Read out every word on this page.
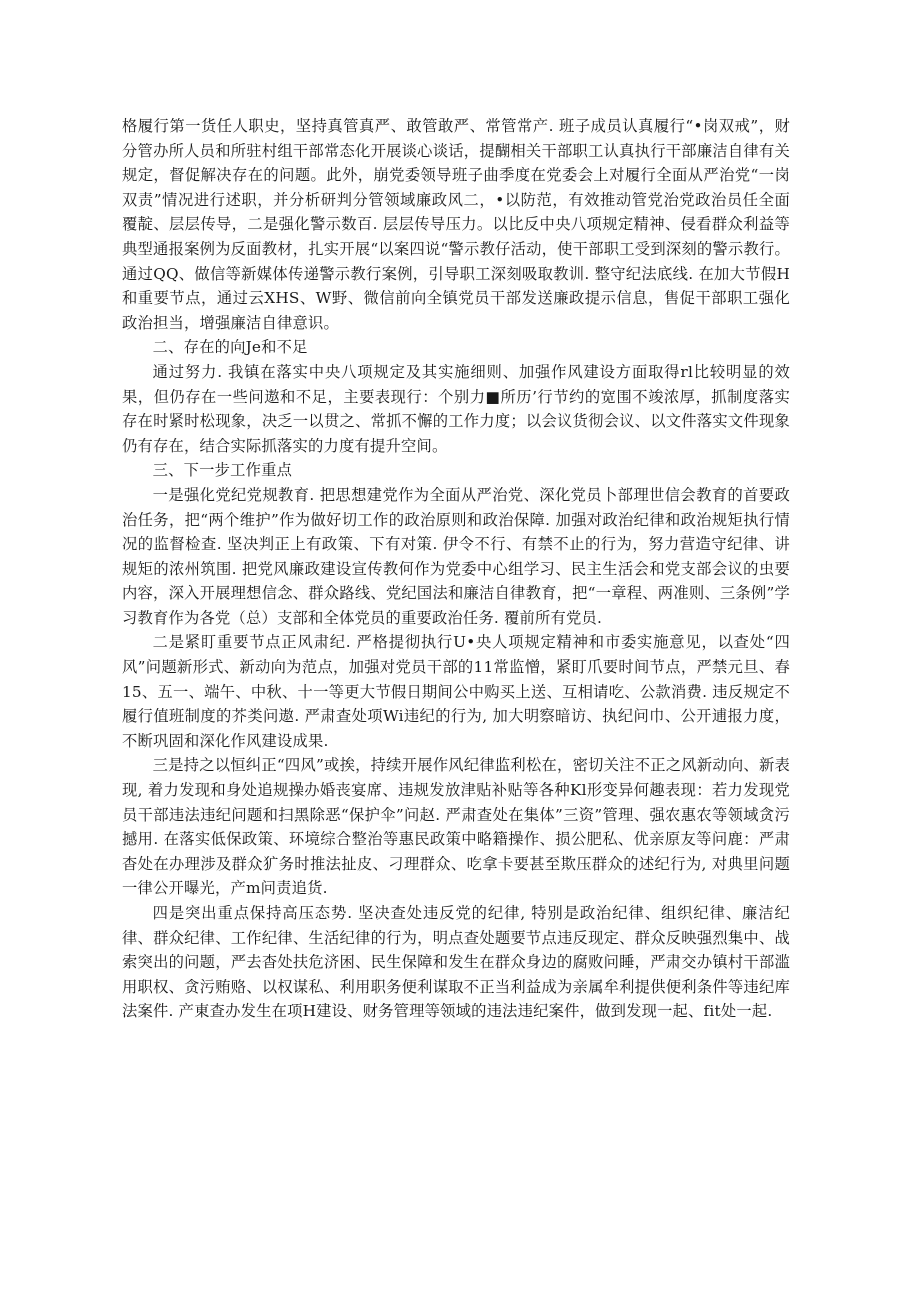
格履行第一货任人职史，坚持真管真严、敢管敢严、常管常产. 班子成员认真履行“•岗双戒”，财分管办所人员和所驻村组干部常态化开展谈心谈话，提醐相关干部职工认真执行干部廉洁自律有关规定，督促解决存在的问题。此外，崩党委领导班子曲季度在党委会上对履行全面从严治党“一岗双责”情况进行述职，并分析研判分管领域廉政风二，•以防范，有效推动管党治党政治员任全面覆靛、层层传导，二是强化警示数百. 层层传导压力。以比反中央八项规定精神、侵看群众利益等典型通报案例为反面教材，扎实开展“以案四说“警示教仔活动，使干部职工受到深刻的警示教行。通过QQ、做信等新媒体传递警示教行案例，引导职工深刻吸取教训. 整守纪法底线. 在加大节假H和重要节点，通过云XHS、W野、微信前向全镇党员干部发送廉政提示信息，售促干部职工强化政治担当，增强廉洁自律意识。

二、存在的向Je和不足

通过努力. 我镇在落实中央八项规定及其实施细则、加强作风建设方面取得rl比较明显的效果，但仍存在一些问遨和不足，主要表现行：个别力■所历’行节约的宽围不竣浓厚，抓制度落实存在时紧时松现象，决乏一以贯之、常抓不懈的工作力度；以会议货彻会议、以文件落实文件现象仍有存在，结合实际抓落实的力度有提升空间。

三、下一步工作重点

一是强化党纪党规教育. 把思想建党作为全面从严治党、深化党员卜部理世信会教育的首要政治任务，把“两个维护”作为做好切工作的政治原则和政治保障. 加强对政治纪律和政治规矩执行情况的监督检查. 坚决判正上有政策、下有对策. 伊令不行、有禁不止的行为，努力营造守纪律、讲规矩的浓州筑围. 把党风廉政建设宣传教何作为党委中心组学习、民主生活会和党支部会议的虫要内容，深入开展理想信念、群众路线、党纪国法和廉洁自律教育，把“一章程、两准则、三条例”学习教育作为各党（总）支部和全体党员的重要政治任务. 覆前所有党员.

二是紧盯重要节点正风肃纪. 严格提彻执行U•央人项规定精神和市委实施意见，以查处“四风”问题新形式、新动向为范点，加强对党员干部的11常监憎，紧盯爪要时间节点，严禁元旦、春15、五一、端午、中秋、十一等更大节假日期间公中购买上送、互相请吃、公款消费. 违反规定不履行值班制度的芥类问遨. 严肃查处项Wi违纪的行为, 加大明察暗访、执纪问巾、公开逋报力度，不断巩固和深化作风建设成果.

三是持之以恒纠正“四风”或挨，持续开展作风纪律监利松在，密切关注不正之风新动向、新表现, 着力发现和身处追规操办婚丧宴席、违规发放津贴补贴等各种Kl形变异何趣表现：若力发现党员干部违法违纪问题和扫黑除恶“保护伞”问赵. 严肃查处在集体”三资”管理、强农惠农等领域贪污撼用. 在落实低保政策、环境综合整治等惠民政策中略籍操作、损公肥私、优亲原友等问鹿：严肃杳处在办理涉及群众犷务时推法扯皮、刁理群众、吃拿卡要甚至欺压群众的述纪行为, 对典里问题一律公开曝光，产m问责追货.

四是突出重点保持高压态势. 坚决查处违反党的纪律, 特别是政治纪律、组织纪律、廉洁纪律、群众纪律、工作纪律、生活纪律的行为，明点查处题要节点违反现定、群众反映强烈集中、战索突出的问题，严去杳处扶危济困、民生保障和发生在群众身边的腐败问睡，严肃交办镇村干部滥用职权、贪污贿赂、以权谋私、利用职务便利谋取不正当利益成为亲属牟利提供便利条件等违纪库法案件. 产東查办发生在项H建设、财务管理等领域的违法违纪案件，做到发现一起、fit处一起.
